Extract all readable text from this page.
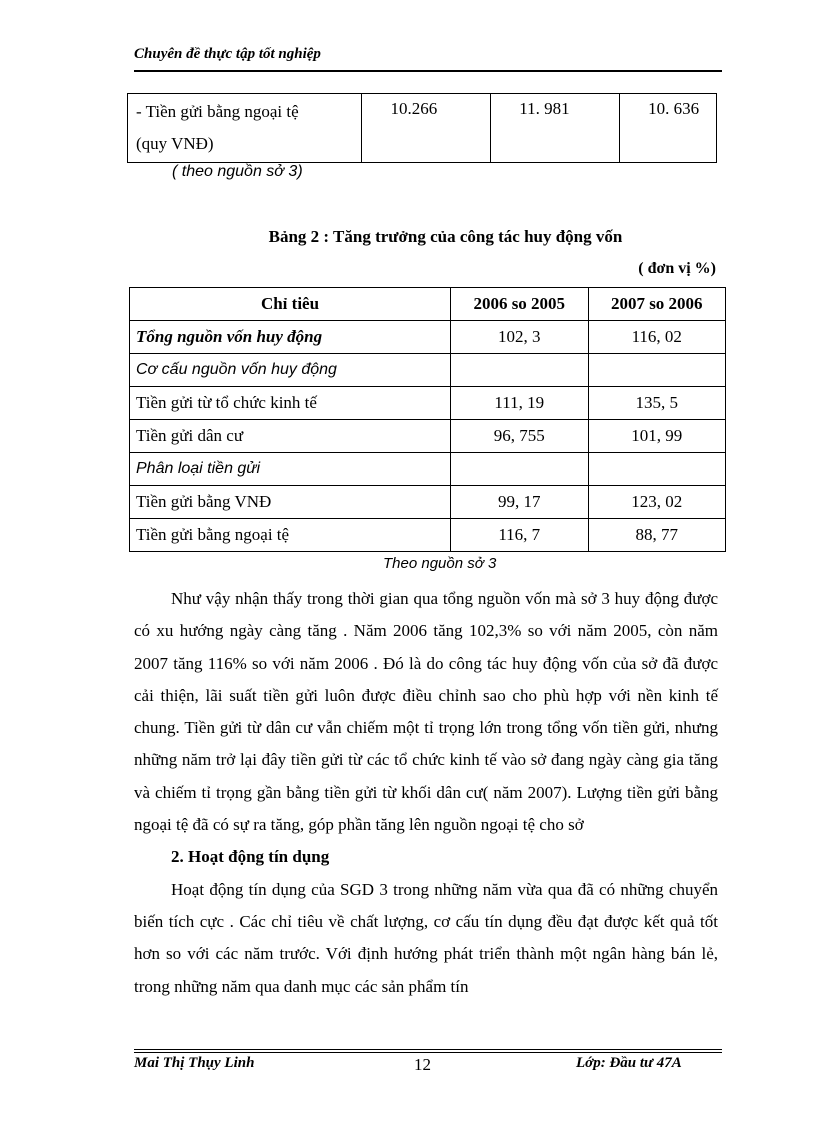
Chuyên đề thực tập tốt nghiệp
- Tiền gửi bằng ngoại tệ
(quy VNĐ)	10.266	11. 981	10. 636
( theo nguồn sở 3)
Bảng 2 : Tăng trưởng của công tác huy động vốn
( đơn vị %)
Chỉ tiêu	2006 so 2005	2007 so 2006
Tổng nguồn vốn huy động	102, 3	116, 02
Cơ cấu nguồn vốn huy động		
Tiền gửi từ tổ chức kinh tế	111, 19	135, 5
Tiền gửi dân cư	96, 755	101, 99
Phân loại tiền gửi		
Tiền gửi bằng VNĐ	99, 17	123, 02
Tiền gửi bằng ngoại tệ	116, 7	88, 77
Theo nguồn sở 3

Như vậy nhận thấy trong thời gian qua tổng nguồn vốn mà sở 3 huy động được có xu hướng ngày càng tăng . Năm 2006 tăng 102,3% so với năm 2005, còn năm 2007 tăng 116% so với năm 2006 . Đó là do công tác huy động vốn của sở đã được cải thiện, lãi suất tiền gửi luôn được điều chỉnh sao cho phù hợp với nền kinh tế chung. Tiền gửi từ dân cư vẫn chiếm một tỉ trọng lớn trong tổng vốn tiền gửi, nhưng những năm trở lại đây tiền gửi từ các tổ chức kinh tế vào sở đang ngày càng gia tăng và chiếm tỉ trọng gần bằng tiền gửi từ khối dân cư( năm 2007). Lượng tiền gửi bằng ngoại tệ đã có sự ra tăng, góp phần tăng lên nguồn ngoại tệ cho sở

2. Hoạt động tín dụng

Hoạt động tín dụng của SGD 3 trong những năm vừa qua đã có những chuyển biến tích cực . Các chỉ tiêu về chất lượng, cơ cấu tín dụng đều đạt được kết quả tốt hơn so với các năm trước. Với định hướng phát triển thành một ngân hàng bán lẻ, trong những năm qua danh mục các sản phẩm tín

Mai Thị Thụy Linh	12	Lớp: Đầu tư 47A
